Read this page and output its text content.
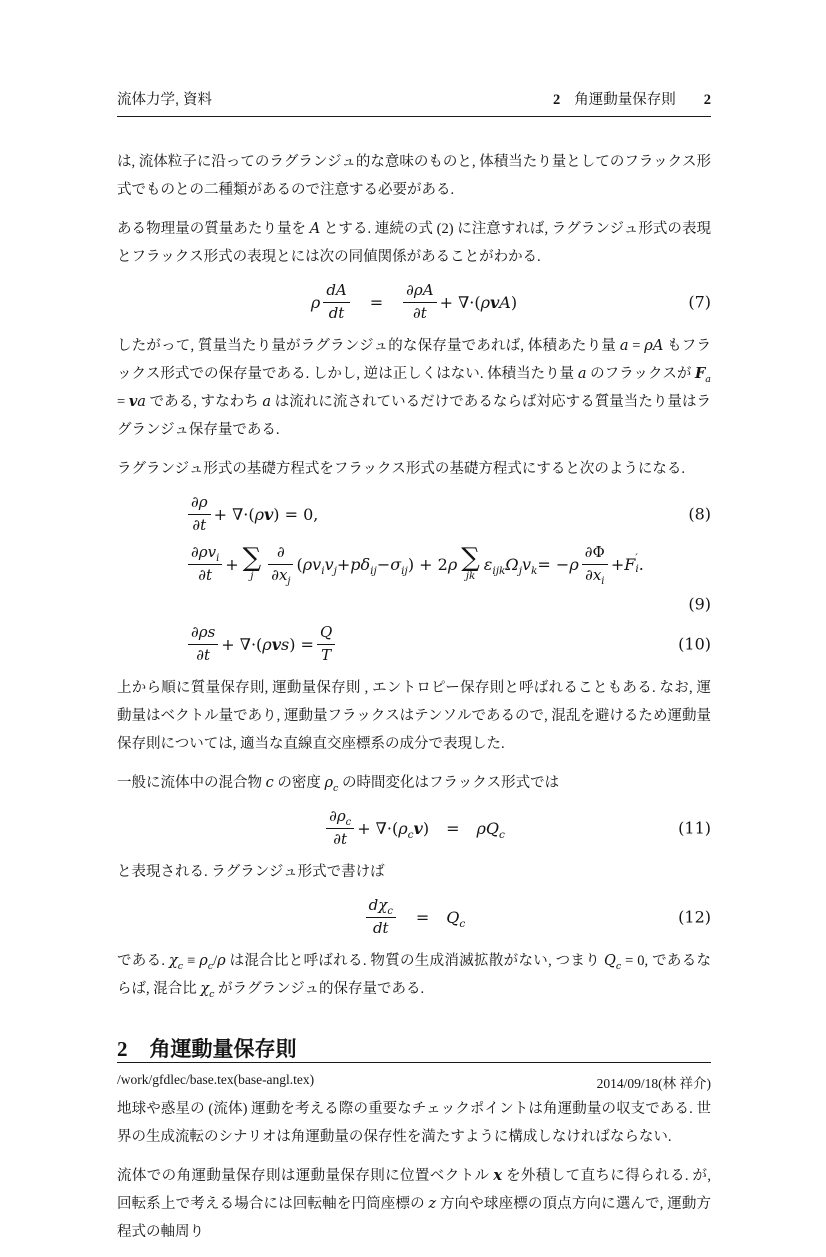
流体力学, 資料	2 角運動量保存則 2

は, 流体粒子に沿ってのラグランジュ的な意味のものと, 体積当たり量としてのフラックス形式でものとの二種類があるので注意する必要がある.

ある物理量の質量あたり量を A とする. 連続の式 (2) に注意すれば, ラグランジュ形式の表現とフラックス形式の表現とには次の同値関係があることがわかる.

ρ $\frac{dA}{dt} = \frac{\partial\rho A}{\partial t}$ + ∇·( ρ v A )	(7)

したがって, 質量当たり量がラグランジュ的な保存量であれば, 体積あたり量 a = ρA もフラックス形式での保存量である. しかし, 逆は正しくはない. 体積当たり量 a のフラックスが $F_a$ = va である, すなわち a は流れに流されているだけであるならば対応する質量当たり量はラグランジュ保存量である.

ラグランジュ形式の基礎方程式をフラックス形式の基礎方程式にすると次のようになる.

$\frac{\partial\rho}{\partial t}$ + ∇·( ρ v ) = 0,	(8)
$\frac{\partial\rho v_i}{\partial t}$ + ∑
j $\frac{\partial}{\partial x_j}$ ( $\rho v_iv_j + p\delta_{ij} - \sigma_{ij}$ ) + 2 ρ ∑
jk
$\varepsilon_{ijk}$ $\Omega_jv_k$ = − ρ $\frac{\partial\Phi}{\partial x_i} + F$ ′
i .
(9)
$\frac{\partial\rho s}{\partial t}$ + ∇·( ρ v s ) = $\frac{Q}{T}$	(10)

上から順に質量保存則, 運動量保存則 , エントロピー保存則と呼ばれることもある. なお, 運動量はベクトル量であり, 運動量フラックスはテンソルであるので, 混乱を避けるため運動量保存則については, 適当な直線直交座標系の成分で表現した.

一般に流体中の混合物 c の密度 $\rho_c$ の時間変化はフラックス形式では

$\frac{\partial\rho_c}{\partial t}$ + ∇·( $\rho_c$ v ) = $\rho Q_c$	(11)

と表現される. ラグランジュ形式で書けば

$\frac{d\chi_c}{dt} = Q_c$	(12)

である. $\chi_c \equiv \rho_c/\rho$ は混合比と呼ばれる. 物質の生成消滅拡散がない, つまり $Q_c = 0$, であるならば, 混合比 $\chi_c$ がラグランジュ的保存量である.

2 角運動量保存則

地球や惑星の (流体) 運動を考える際の重要なチェックポイントは角運動量の収支である. 世界の生成流転のシナリオは角運動量の保存性を満たすように構成しなければならない.

流体での角運動量保存則は運動量保存則に位置ベクトル x を外積して直ちに得られる. が, 回転系上で考える場合には回転軸を円筒座標の z 方向や球座標の頂点方向に選んで, 運動方程式の軸周り

/work/gfdlec/base.tex(base-angl.tex)	2014/09/18(林 祥介)
